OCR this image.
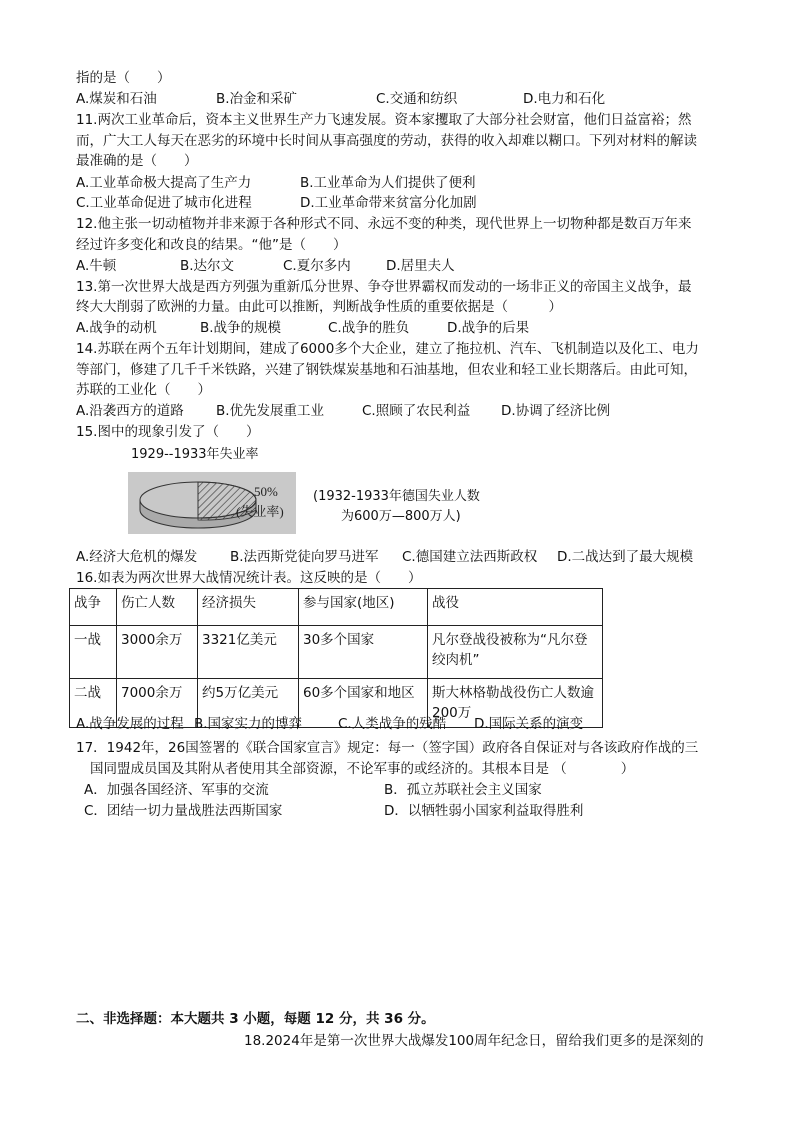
指的是（　　）
A.煤炭和石油	B.冶金和采矿	C.交通和纺织	D.电力和石化
11.两次工业革命后，资本主义世界生产力飞速发展。资本家攫取了大部分社会财富，他们日益富裕；然
而，广大工人每天在恶劣的环境中长时间从事高强度的劳动，获得的收入却难以糊口。下列对材料的解读
最准确的是（　　）
A.工业革命极大提高了生产力	B.工业革命为人们提供了便利
C.工业革命促进了城市化进程	D.工业革命带来贫富分化加剧
12.他主张一切动植物并非来源于各种形式不同、永远不变的种类，现代世界上一切物种都是数百万年来
经过许多变化和改良的结果。“他”是（　　）
A.牛顿	B.达尔文	C.夏尔多内	D.居里夫人
13.第一次世界大战是西方列强为重新瓜分世界、争夺世界霸权而发动的一场非正义的帝国主义战争，最
终大大削弱了欧洲的力量。由此可以推断，判断战争性质的重要依据是（　　　）
A.战争的动机	B.战争的规模	C.战争的胜负	D.战争的后果
14.苏联在两个五年计划期间，建成了6000多个大企业，建立了拖拉机、汽车、飞机制造以及化工、电力
等部门，修建了几千千米铁路，兴建了钢铁煤炭基地和石油基地，但农业和轻工业长期落后。由此可知，
苏联的工业化（　　）
A.沿袭西方的道路 B.优先发展重工业	C.照顾了农民利益 D.协调了经济比例
15.图中的现象引发了（　　）
1929--1933年失业率
50%
(失业率)
(1932-1933年德国失业人数
为600万—800万人)
A.经济大危机的爆发 B.法西斯党徒向罗马进军 C.德国建立法西斯政权 D.二战达到了最大规模
16.如表为两次世界大战情况统计表。这反映的是（　　）
战争	伤亡人数	经济损失	参与国家(地区)	战役
一战	3000余万	3321亿美元	30多个国家	凡尔登战役被称为“凡尔登绞肉机”
二战	7000余万	约5万亿美元	60多个国家和地区	斯大林格勒战役伤亡人数逾200万
A.战争发展的过程 B.国家实力的博弈	C.人类战争的残酷 D.国际关系的演变
17．1942年，26国签署的《联合国家宣言》规定：每一（签字国）政府各自保证对与各该政府作战的三
国同盟成员国及其附从者使用其全部资源，不论军事的或经济的。其根本目是 （　　　　）
A．加强各国经济、军事的交流	B．孤立苏联社会主义国家
C．团结一切力量战胜法西斯国家	D．以牺牲弱小国家利益取得胜利
二、非选择题：本大题共 3 小题，每题 12 分，共 36 分。
18.2024年是第一次世界大战爆发100周年纪念日，留给我们更多的是深刻的
